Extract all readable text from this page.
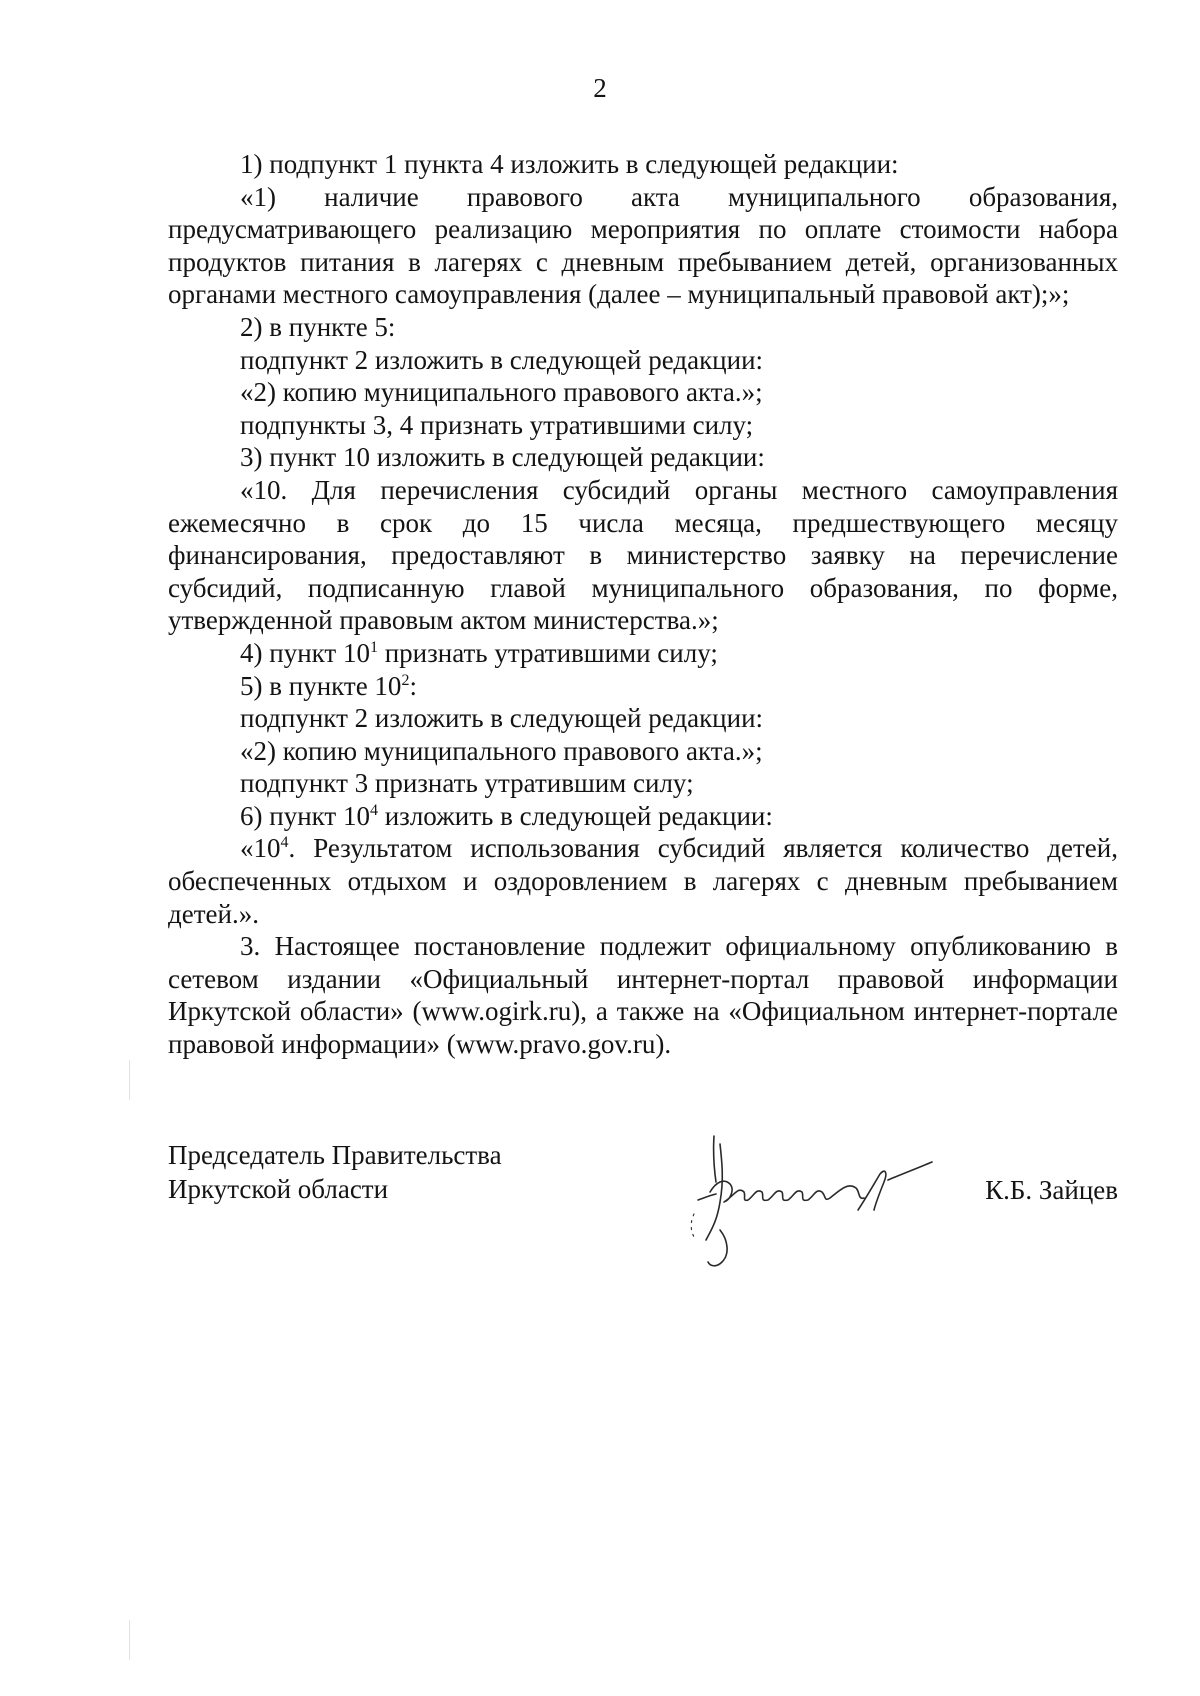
2

1) подпункт 1 пункта 4 изложить в следующей редакции:

«1) наличие правового акта муниципального образования, предусматривающего реализацию мероприятия по оплате стоимости набора продуктов питания в лагерях с дневным пребыванием детей, организованных органами местного самоуправления (далее – муниципальный правовой акт);»;

2) в пункте 5:

подпункт 2 изложить в следующей редакции:

«2) копию муниципального правового акта.»;

подпункты 3, 4 признать утратившими силу;

3) пункт 10 изложить в следующей редакции:

«10. Для перечисления субсидий органы местного самоуправления ежемесячно в срок до 15 числа месяца, предшествующего месяцу финансирования, предоставляют в министерство заявку на перечисление субсидий, подписанную главой муниципального образования, по форме, утвержденной правовым актом министерства.»;

4) пункт $10^1$ признать утратившими силу;

5) в пункте $10^2$:

подпункт 2 изложить в следующей редакции:

«2) копию муниципального правового акта.»;

подпункт 3 признать утратившим силу;

6) пункт $10^4$ изложить в следующей редакции:

«$10^4$. Результатом использования субсидий является количество детей, обеспеченных отдыхом и оздоровлением в лагерях с дневным пребыванием детей.».

3. Настоящее постановление подлежит официальному опубликованию в сетевом издании «Официальный интернет-портал правовой информации Иркутской области» (www.ogirk.ru), а также на «Официальном интернет-портале правовой информации» (www.pravo.gov.ru).

Председатель Правительства
Иркутской области	К.Б. Зайцев
